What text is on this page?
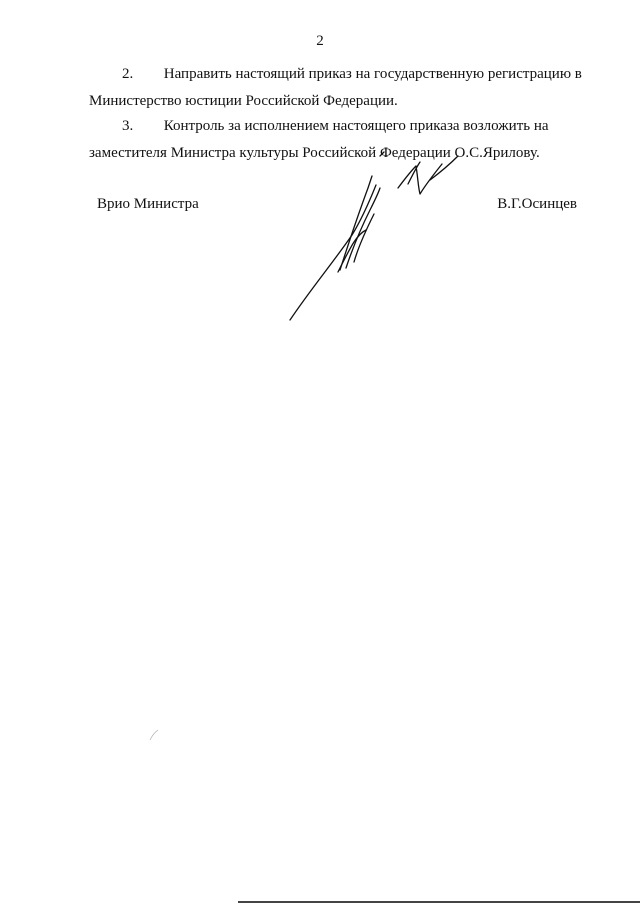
2
2. Направить настоящий приказ на государственную регистрацию в
Министерство юстиции Российской Федерации.
3. Контроль за исполнением настоящего приказа возложить на
заместителя Министра культуры Российской Федерации О.С.Ярилову.
Врио Министра	В.Г.Осинцев
